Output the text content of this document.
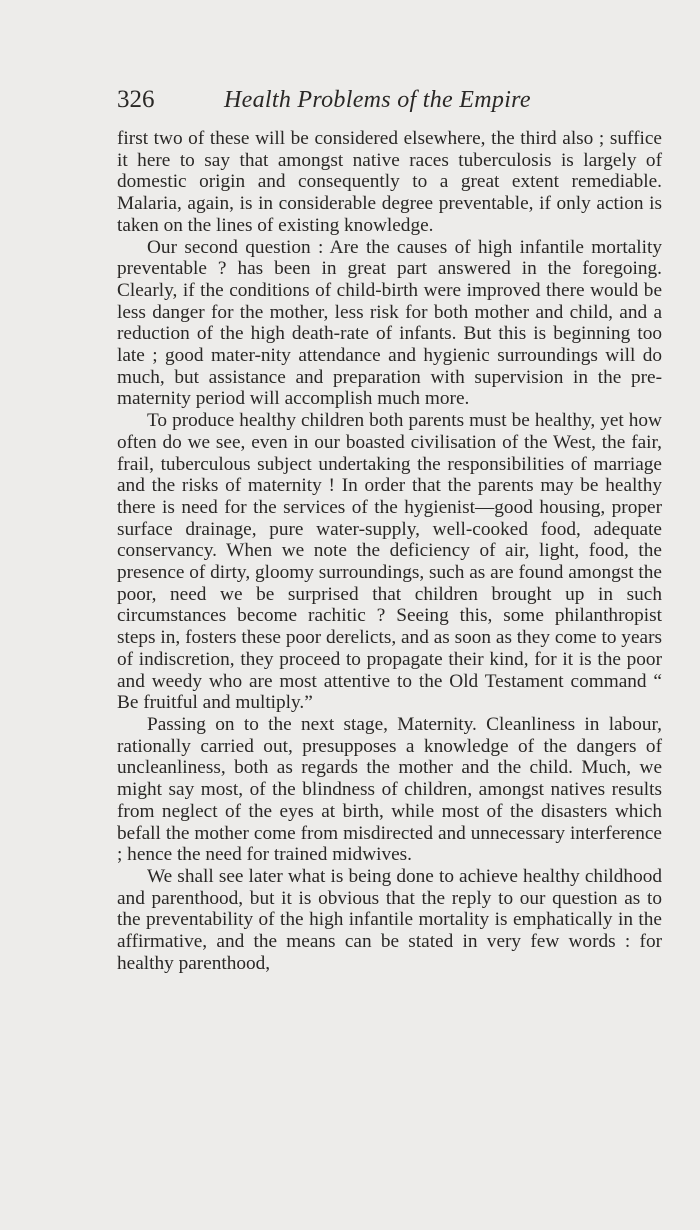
326	Health Problems of the Empire

first two of these will be considered elsewhere, the third also ; suffice it here to say that amongst native races tuberculosis is largely of domestic origin and consequently to a great extent remediable. Malaria, again, is in considerable degree preventable, if only action is taken on the lines of existing knowledge.

Our second question : Are the causes of high infantile mortality preventable ? has been in great part answered in the foregoing. Clearly, if the conditions of child-birth were improved there would be less danger for the mother, less risk for both mother and child, and a reduction of the high death-rate of infants. But this is beginning too late ; good mater-nity attendance and hygienic surroundings will do much, but assistance and preparation with supervision in the pre-maternity period will accomplish much more.

To produce healthy children both parents must be healthy, yet how often do we see, even in our boasted civilisation of the West, the fair, frail, tuberculous subject undertaking the responsibilities of marriage and the risks of maternity ! In order that the parents may be healthy there is need for the services of the hygienist—good housing, proper surface drainage, pure water-supply, well-cooked food, adequate conservancy. When we note the deficiency of air, light, food, the presence of dirty, gloomy surroundings, such as are found amongst the poor, need we be surprised that children brought up in such circumstances become rachitic ? Seeing this, some philanthropist steps in, fosters these poor derelicts, and as soon as they come to years of indiscretion, they proceed to propagate their kind, for it is the poor and weedy who are most attentive to the Old Testament command “ Be fruitful and multiply.”

Passing on to the next stage, Maternity. Cleanliness in labour, rationally carried out, presupposes a knowledge of the dangers of uncleanliness, both as regards the mother and the child. Much, we might say most, of the blindness of children, amongst natives results from neglect of the eyes at birth, while most of the disasters which befall the mother come from misdirected and unnecessary interference ; hence the need for trained midwives.

We shall see later what is being done to achieve healthy childhood and parenthood, but it is obvious that the reply to our question as to the preventability of the high infantile mortality is emphatically in the affirmative, and the means can be stated in very few words : for healthy parenthood,
